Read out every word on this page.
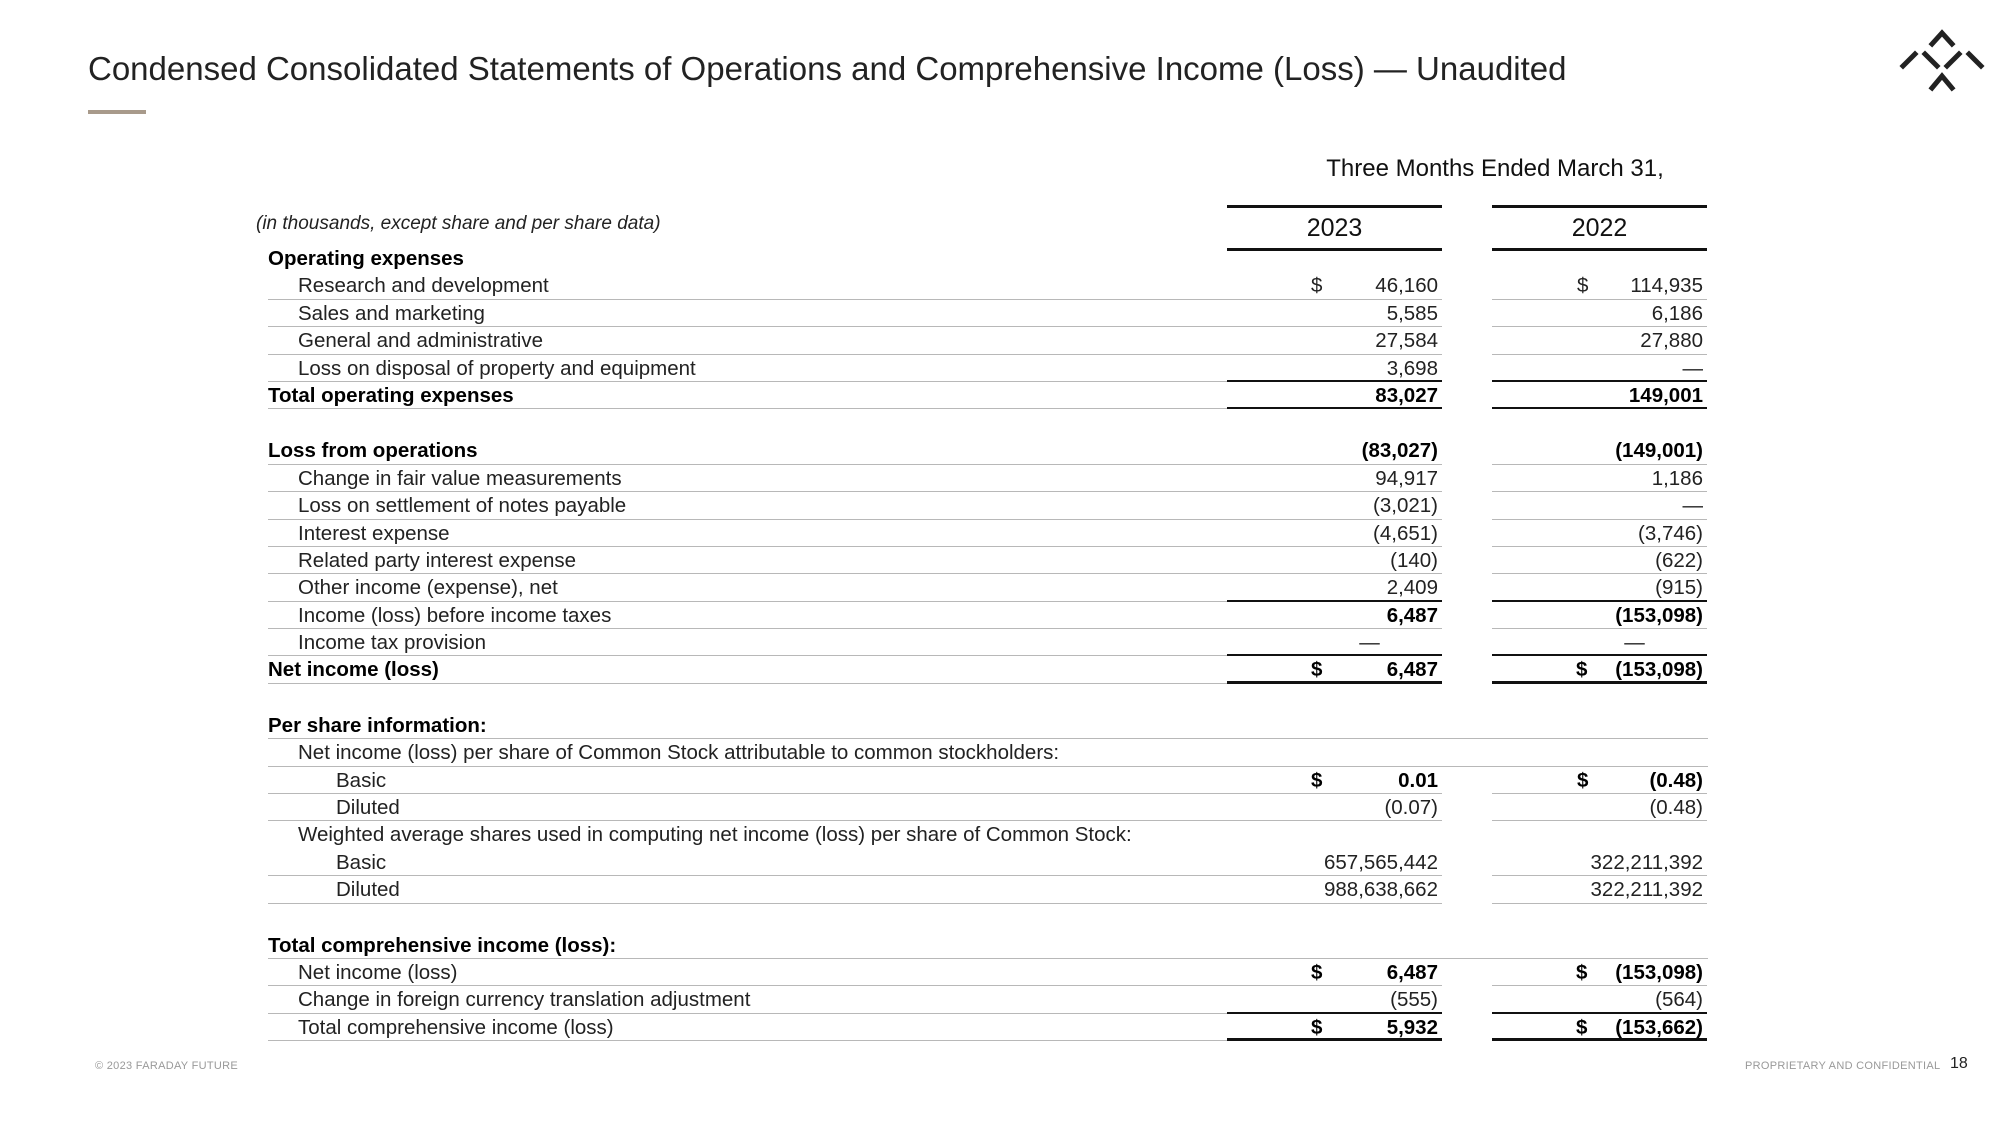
Condensed Consolidated Statements of Operations and Comprehensive Income (Loss) — Unaudited
Three Months Ended March 31,
(in thousands, except share and per share data)	2023	2022
Operating expenses
Research and development	$	46,160	$ 114,935
Sales and marketing	5,585	6,186
General and administrative	27,584	27,880
Loss on disposal of property and equipment	3,698	—
Total operating expenses	83,027	149,001
Loss from operations	(83,027)	(149,001)
Change in fair value measurements	94,917	1,186
Loss on settlement of notes payable	(3,021)	—
Interest expense	(4,651)	(3,746)
Related party interest expense	(140)	(622)
Other income (expense), net	2,409	(915)
Income (loss) before income taxes	6,487	(153,098)
Income tax provision	—	—
Net income (loss)	$	6,487	$ (153,098)
Per share information:
Net income (loss) per share of Common Stock attributable to common stockholders:
Basic	$	0.01	$	(0.48)
Diluted	(0.07)	(0.48)
Weighted average shares used in computing net income (loss) per share of Common Stock:
Basic	657,565,442	322,211,392
Diluted	988,638,662	322,211,392
Total comprehensive income (loss):
Net income (loss)	$	6,487	$ (153,098)
Change in foreign currency translation adjustment	(555)	(564)
Total comprehensive income (loss)	$	5,932	$ (153,662)
© 2023 FARADAY FUTURE	PROPRIETARY AND CONFIDENTIAL 18
